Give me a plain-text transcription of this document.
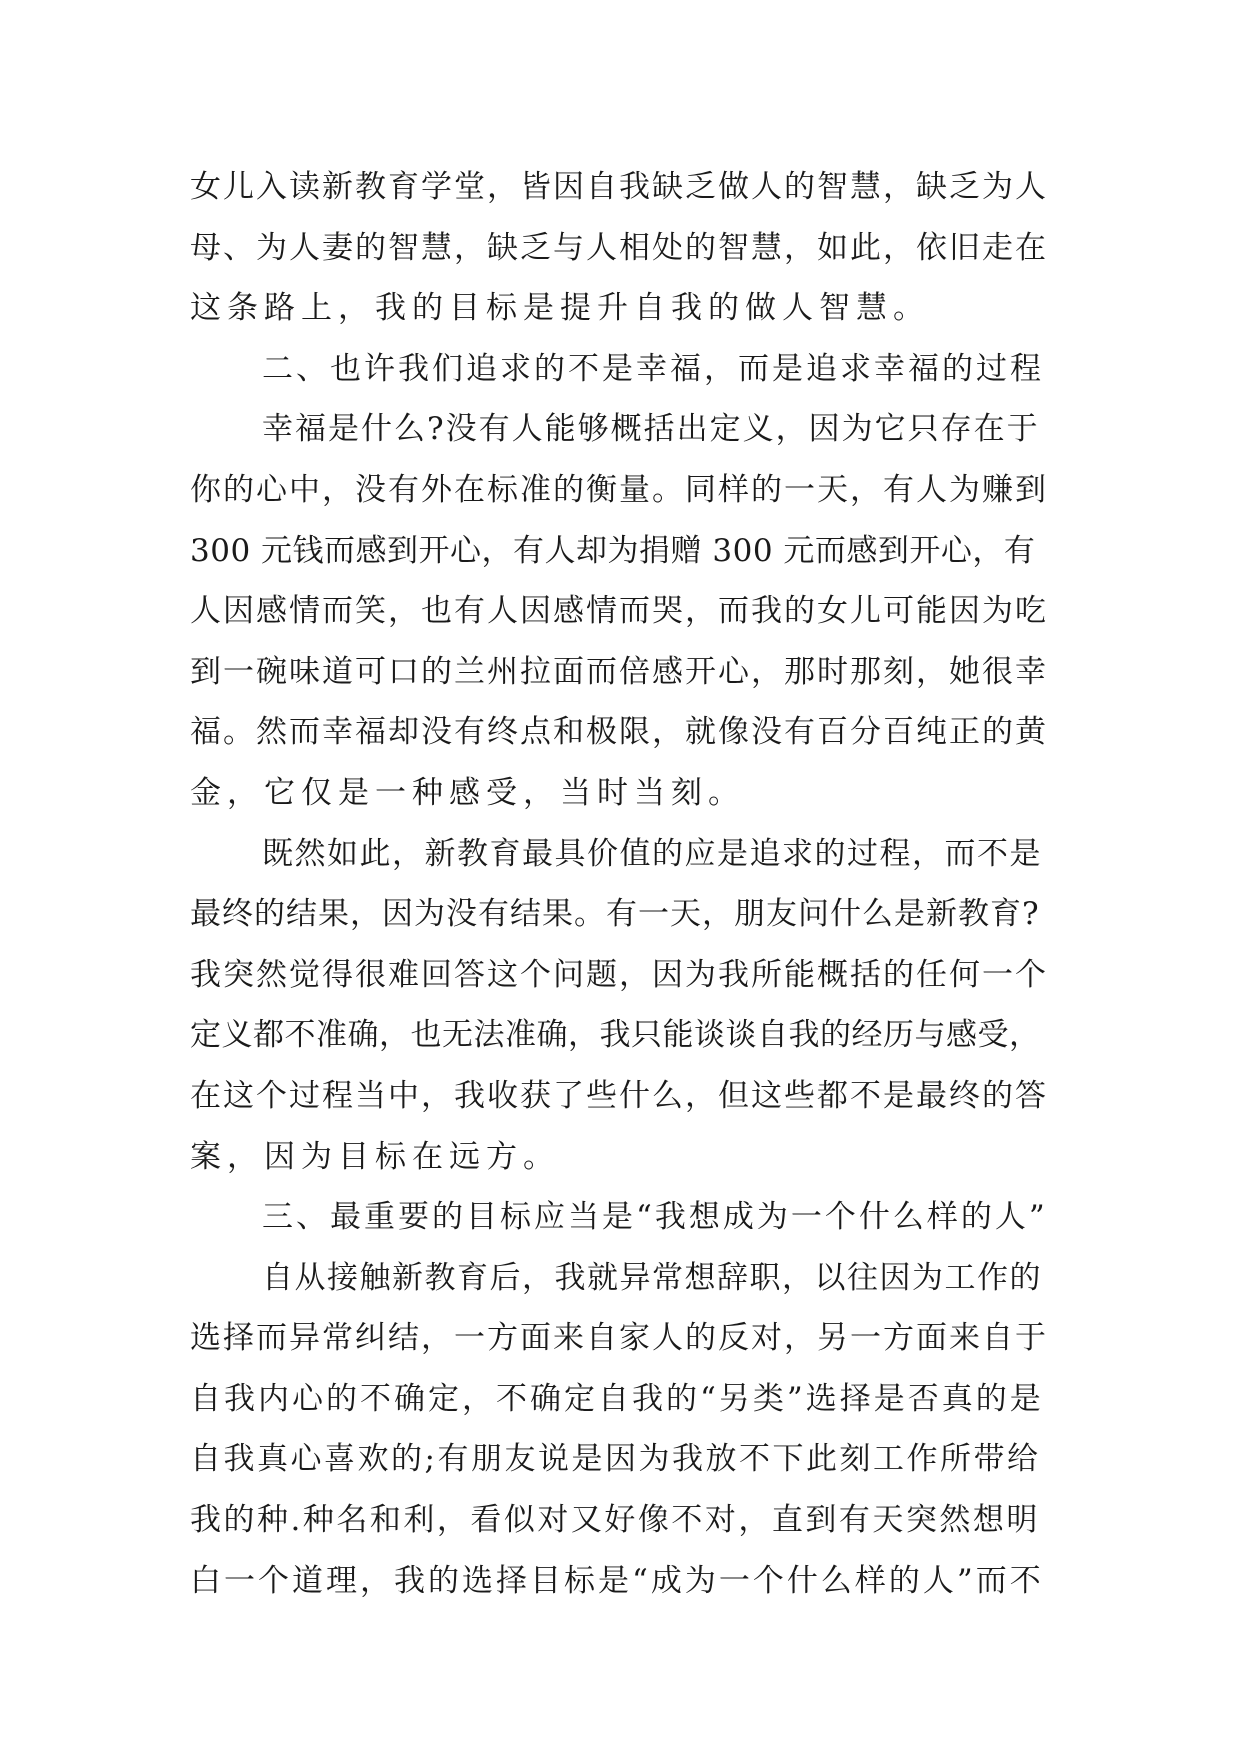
女儿入读新教育学堂，皆因自我缺乏做人的智慧，缺乏为人
母、为人妻的智慧，缺乏与人相处的智慧，如此，依旧走在
这条路上，我的目标是提升自我的做人智慧。
二、也许我们追求的不是幸福，而是追求幸福的过程
幸福是什么?没有人能够概括出定义，因为它只存在于
你的心中，没有外在标准的衡量。同样的一天，有人为赚到
300 元钱而感到开心，有人却为捐赠 300 元而感到开心，有
人因感情而笑，也有人因感情而哭，而我的女儿可能因为吃
到一碗味道可口的兰州拉面而倍感开心，那时那刻，她很幸
福。然而幸福却没有终点和极限，就像没有百分百纯正的黄
金，它仅是一种感受，当时当刻。
既然如此，新教育最具价值的应是追求的过程，而不是
最终的结果，因为没有结果。有一天，朋友问什么是新教育?
我突然觉得很难回答这个问题，因为我所能概括的任何一个
定义都不准确，也无法准确，我只能谈谈自我的经历与感受，
在这个过程当中，我收获了些什么，但这些都不是最终的答
案，因为目标在远方。
三、最重要的目标应当是“我想成为一个什么样的人”
自从接触新教育后，我就异常想辞职，以往因为工作的
选择而异常纠结，一方面来自家人的反对，另一方面来自于
自我内心的不确定，不确定自我的“另类”选择是否真的是
自我真心喜欢的;有朋友说是因为我放不下此刻工作所带给
我的种.种名和利，看似对又好像不对，直到有天突然想明
白一个道理，我的选择目标是“成为一个什么样的人”而不
